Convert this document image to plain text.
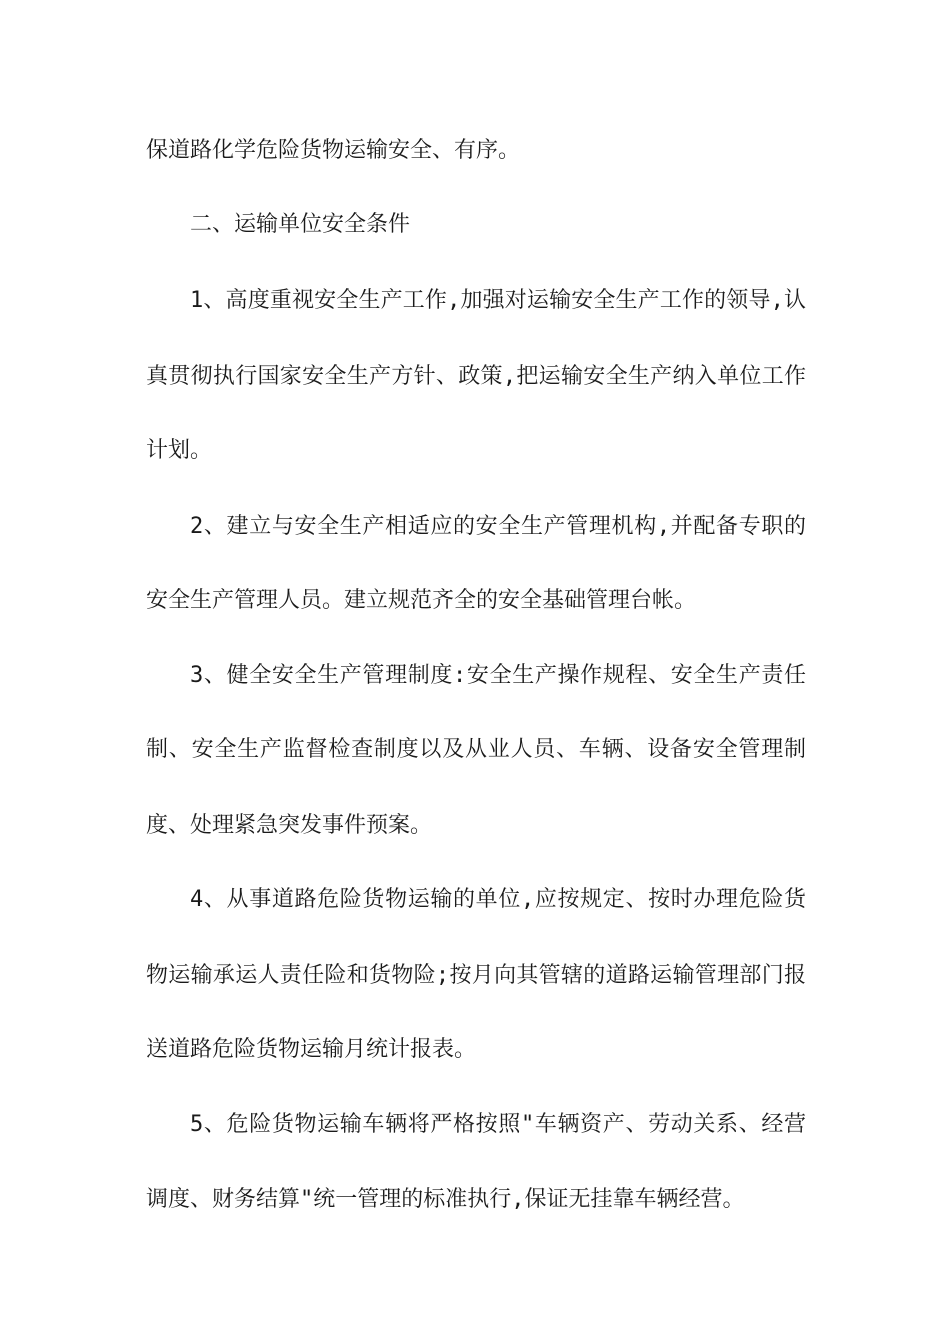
保道路化学危险货物运输安全、有序。
二、运输单位安全条件
1、高度重视安全生产工作,加强对运输安全生产工作的领导,认
真贯彻执行国家安全生产方针、政策,把运输安全生产纳入单位工作
计划。
2、建立与安全生产相适应的安全生产管理机构,并配备专职的
安全生产管理人员。建立规范齐全的安全基础管理台帐。
3、健全安全生产管理制度:安全生产操作规程、安全生产责任
制、安全生产监督检查制度以及从业人员、车辆、设备安全管理制
度、处理紧急突发事件预案。
4、从事道路危险货物运输的单位,应按规定、按时办理危险货
物运输承运人责任险和货物险;按月向其管辖的道路运输管理部门报
送道路危险货物运输月统计报表。
5、危险货物运输车辆将严格按照"车辆资产、劳动关系、经营
调度、财务结算"统一管理的标准执行,保证无挂靠车辆经营。
